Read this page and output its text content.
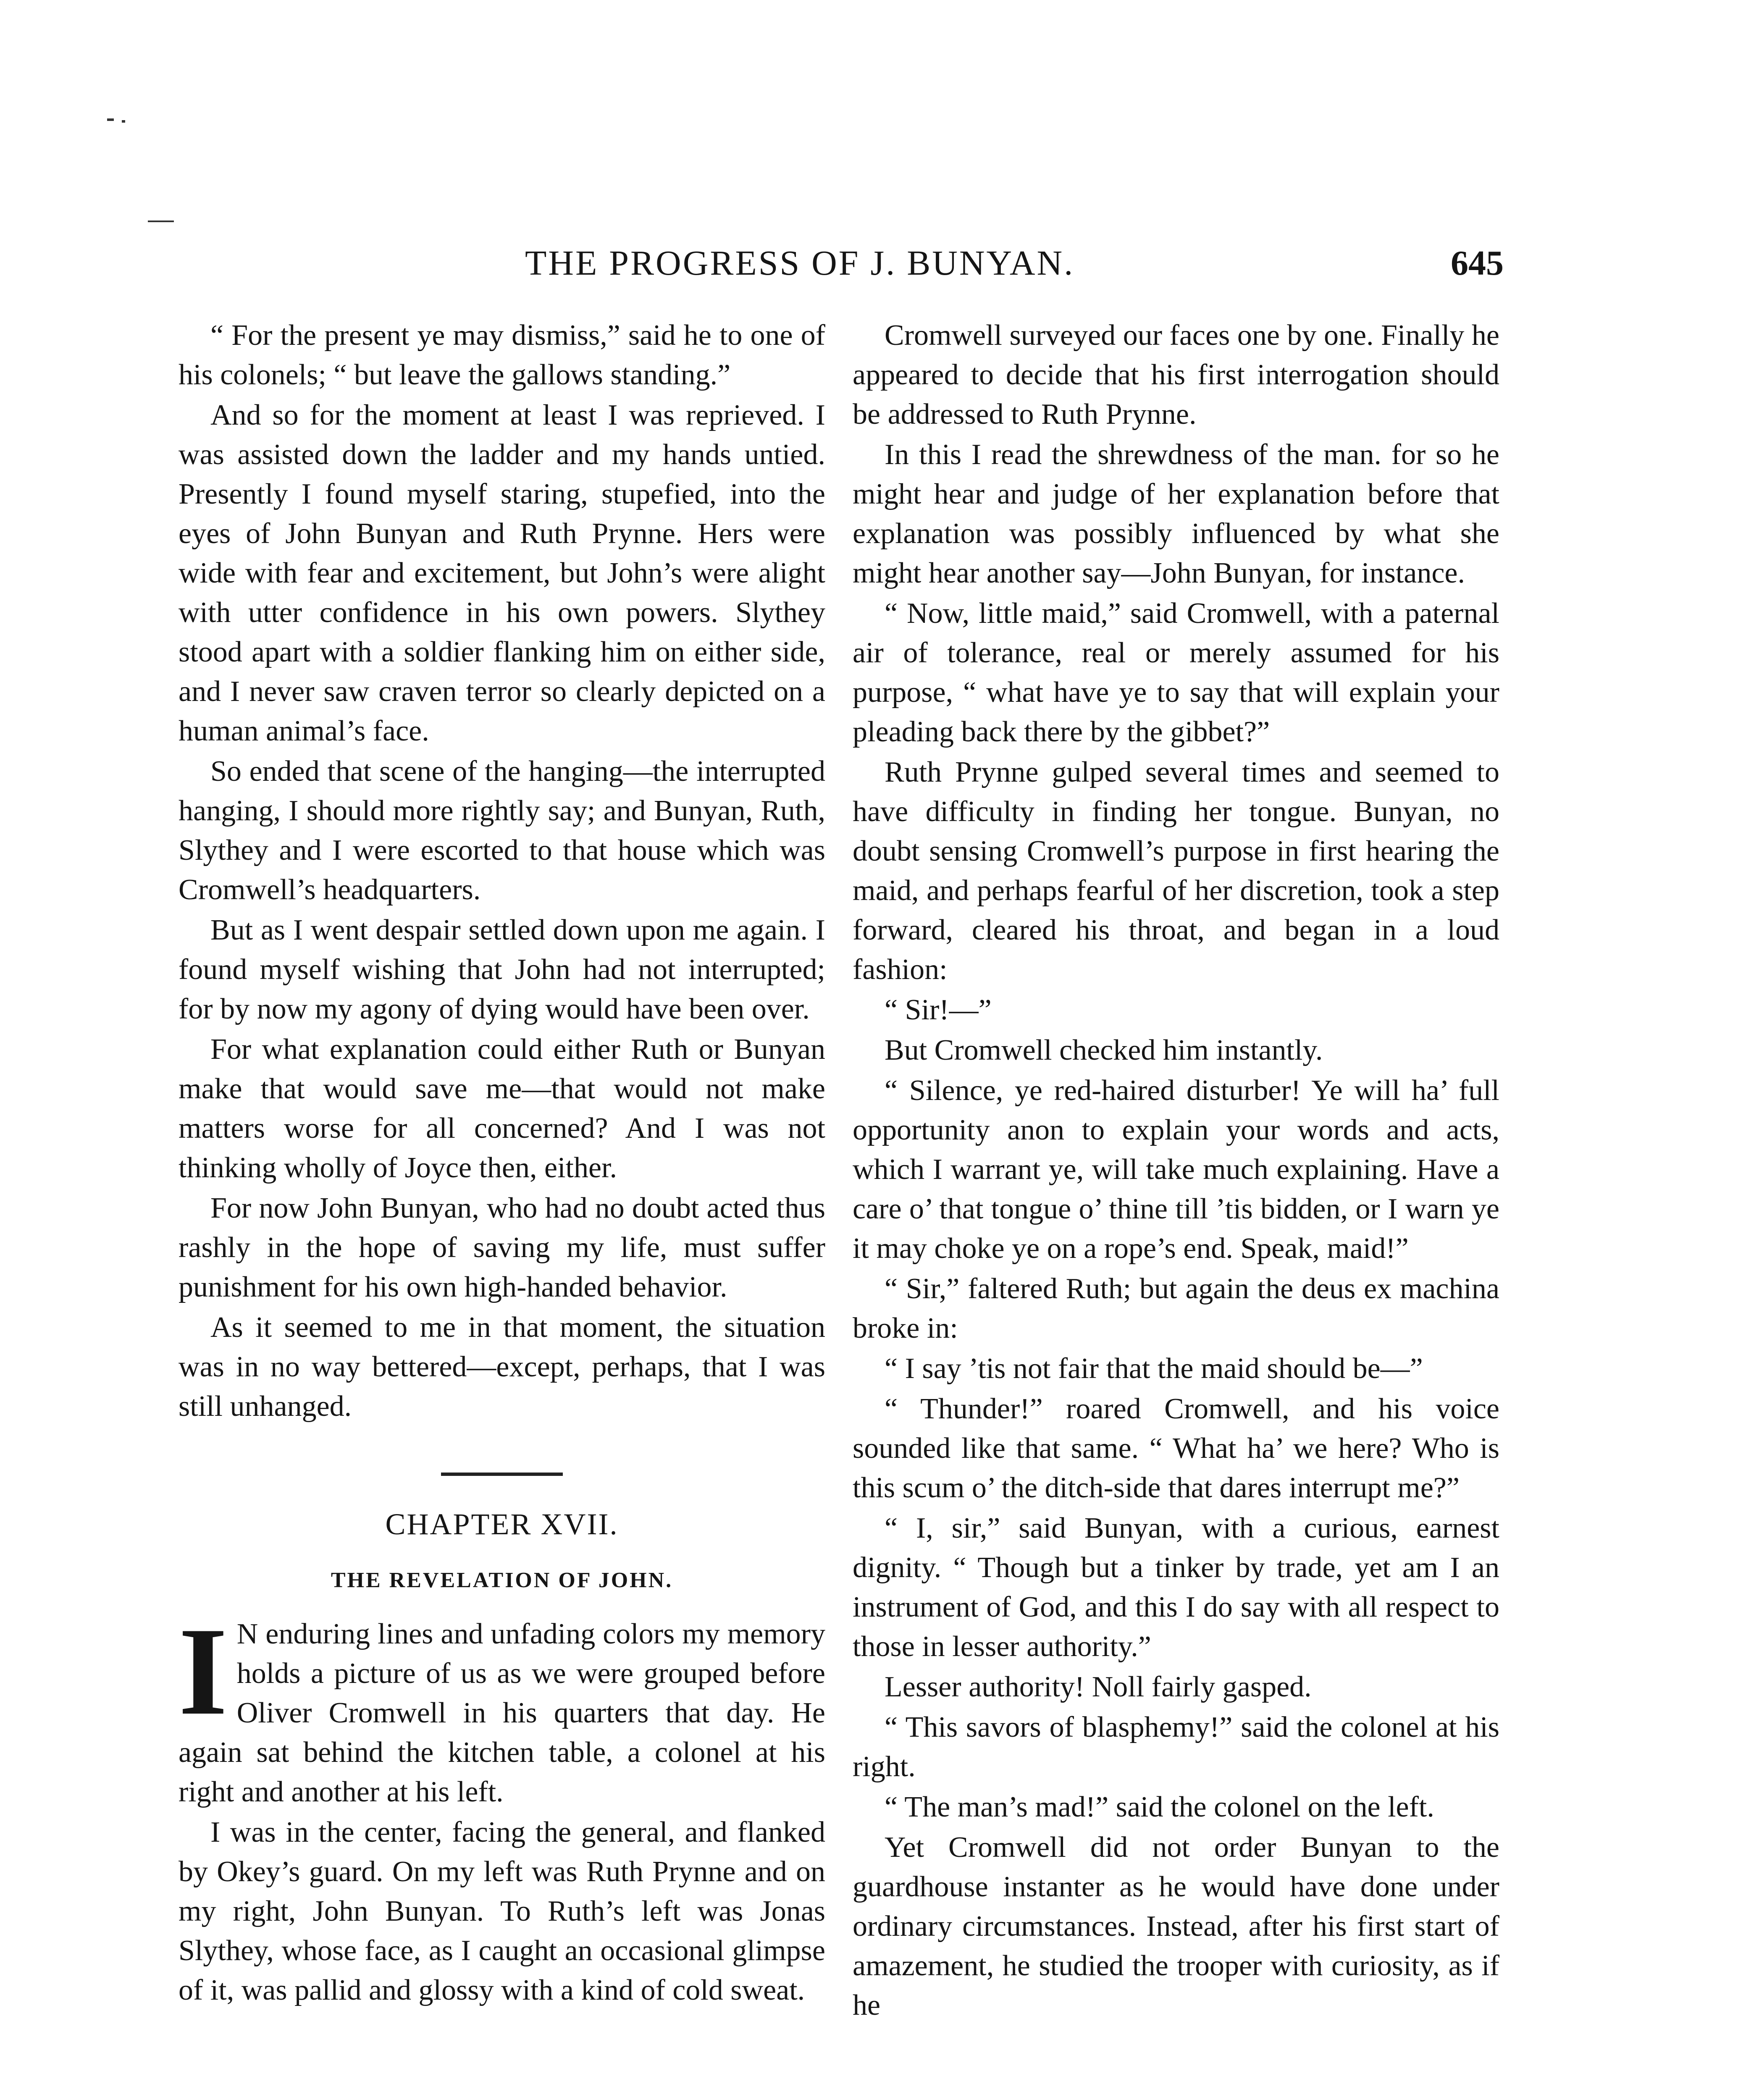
THE PROGRESS OF J. BUNYAN.	645

“ For the present ye may dismiss,” said he to one of his colonels; “ but leave the gallows standing.”

And so for the moment at least I was reprieved. I was assisted down the ladder and my hands untied. Presently I found myself staring, stupefied, into the eyes of John Bunyan and Ruth Prynne. Hers were wide with fear and excitement, but John’s were alight with utter confidence in his own powers. Slythey stood apart with a soldier flanking him on either side, and I never saw craven terror so clearly depicted on a human animal’s face.

So ended that scene of the hanging—the interrupted hanging, I should more rightly say; and Bunyan, Ruth, Slythey and I were escorted to that house which was Cromwell’s headquarters.

But as I went despair settled down upon me again. I found myself wishing that John had not interrupted; for by now my agony of dying would have been over.

For what explanation could either Ruth or Bunyan make that would save me—that would not make matters worse for all concerned? And I was not thinking wholly of Joyce then, either.

For now John Bunyan, who had no doubt acted thus rashly in the hope of saving my life, must suffer punishment for his own high-handed behavior.

As it seemed to me in that moment, the situation was in no way bettered—except, perhaps, that I was still unhanged.

CHAPTER XVII.
THE REVELATION OF JOHN.

I N enduring lines and unfading colors my memory holds a picture of us as we were grouped before Oliver Cromwell in his quarters that day. He again sat behind the kitchen table, a colonel at his right and another at his left.

I was in the center, facing the general, and flanked by Okey’s guard. On my left was Ruth Prynne and on my right, John Bunyan. To Ruth’s left was Jonas Slythey, whose face, as I caught an occasional glimpse of it, was pallid and glossy with a kind of cold sweat.

Cromwell surveyed our faces one by one. Finally he appeared to decide that his first interrogation should be addressed to Ruth Prynne.

In this I read the shrewdness of the man. for so he might hear and judge of her explanation before that explanation was possibly influenced by what she might hear another say—John Bunyan, for instance.

“ Now, little maid,” said Cromwell, with a paternal air of tolerance, real or merely assumed for his purpose, “ what have ye to say that will explain your pleading back there by the gibbet?”

Ruth Prynne gulped several times and seemed to have difficulty in finding her tongue. Bunyan, no doubt sensing Cromwell’s purpose in first hearing the maid, and perhaps fearful of her discretion, took a step forward, cleared his throat, and began in a loud fashion:

“ Sir!—”

But Cromwell checked him instantly.

“ Silence, ye red-haired disturber! Ye will ha’ full opportunity anon to explain your words and acts, which I warrant ye, will take much explaining. Have a care o’ that tongue o’ thine till ’tis bidden, or I warn ye it may choke ye on a rope’s end. Speak, maid!”

“ Sir,” faltered Ruth; but again the deus ex machina broke in:

“ I say ’tis not fair that the maid should be—”

“ Thunder!” roared Cromwell, and his voice sounded like that same. “ What ha’ we here? Who is this scum o’ the ditch-side that dares interrupt me?”

“ I, sir,” said Bunyan, with a curious, earnest dignity. “ Though but a tinker by trade, yet am I an instrument of God, and this I do say with all respect to those in lesser authority.”

Lesser authority! Noll fairly gasped.

“ This savors of blasphemy!” said the colonel at his right.

“ The man’s mad!” said the colonel on the left.

Yet Cromwell did not order Bunyan to the guardhouse instanter as he would have done under ordinary circumstances. Instead, after his first start of amazement, he studied the trooper with curiosity, as if he
